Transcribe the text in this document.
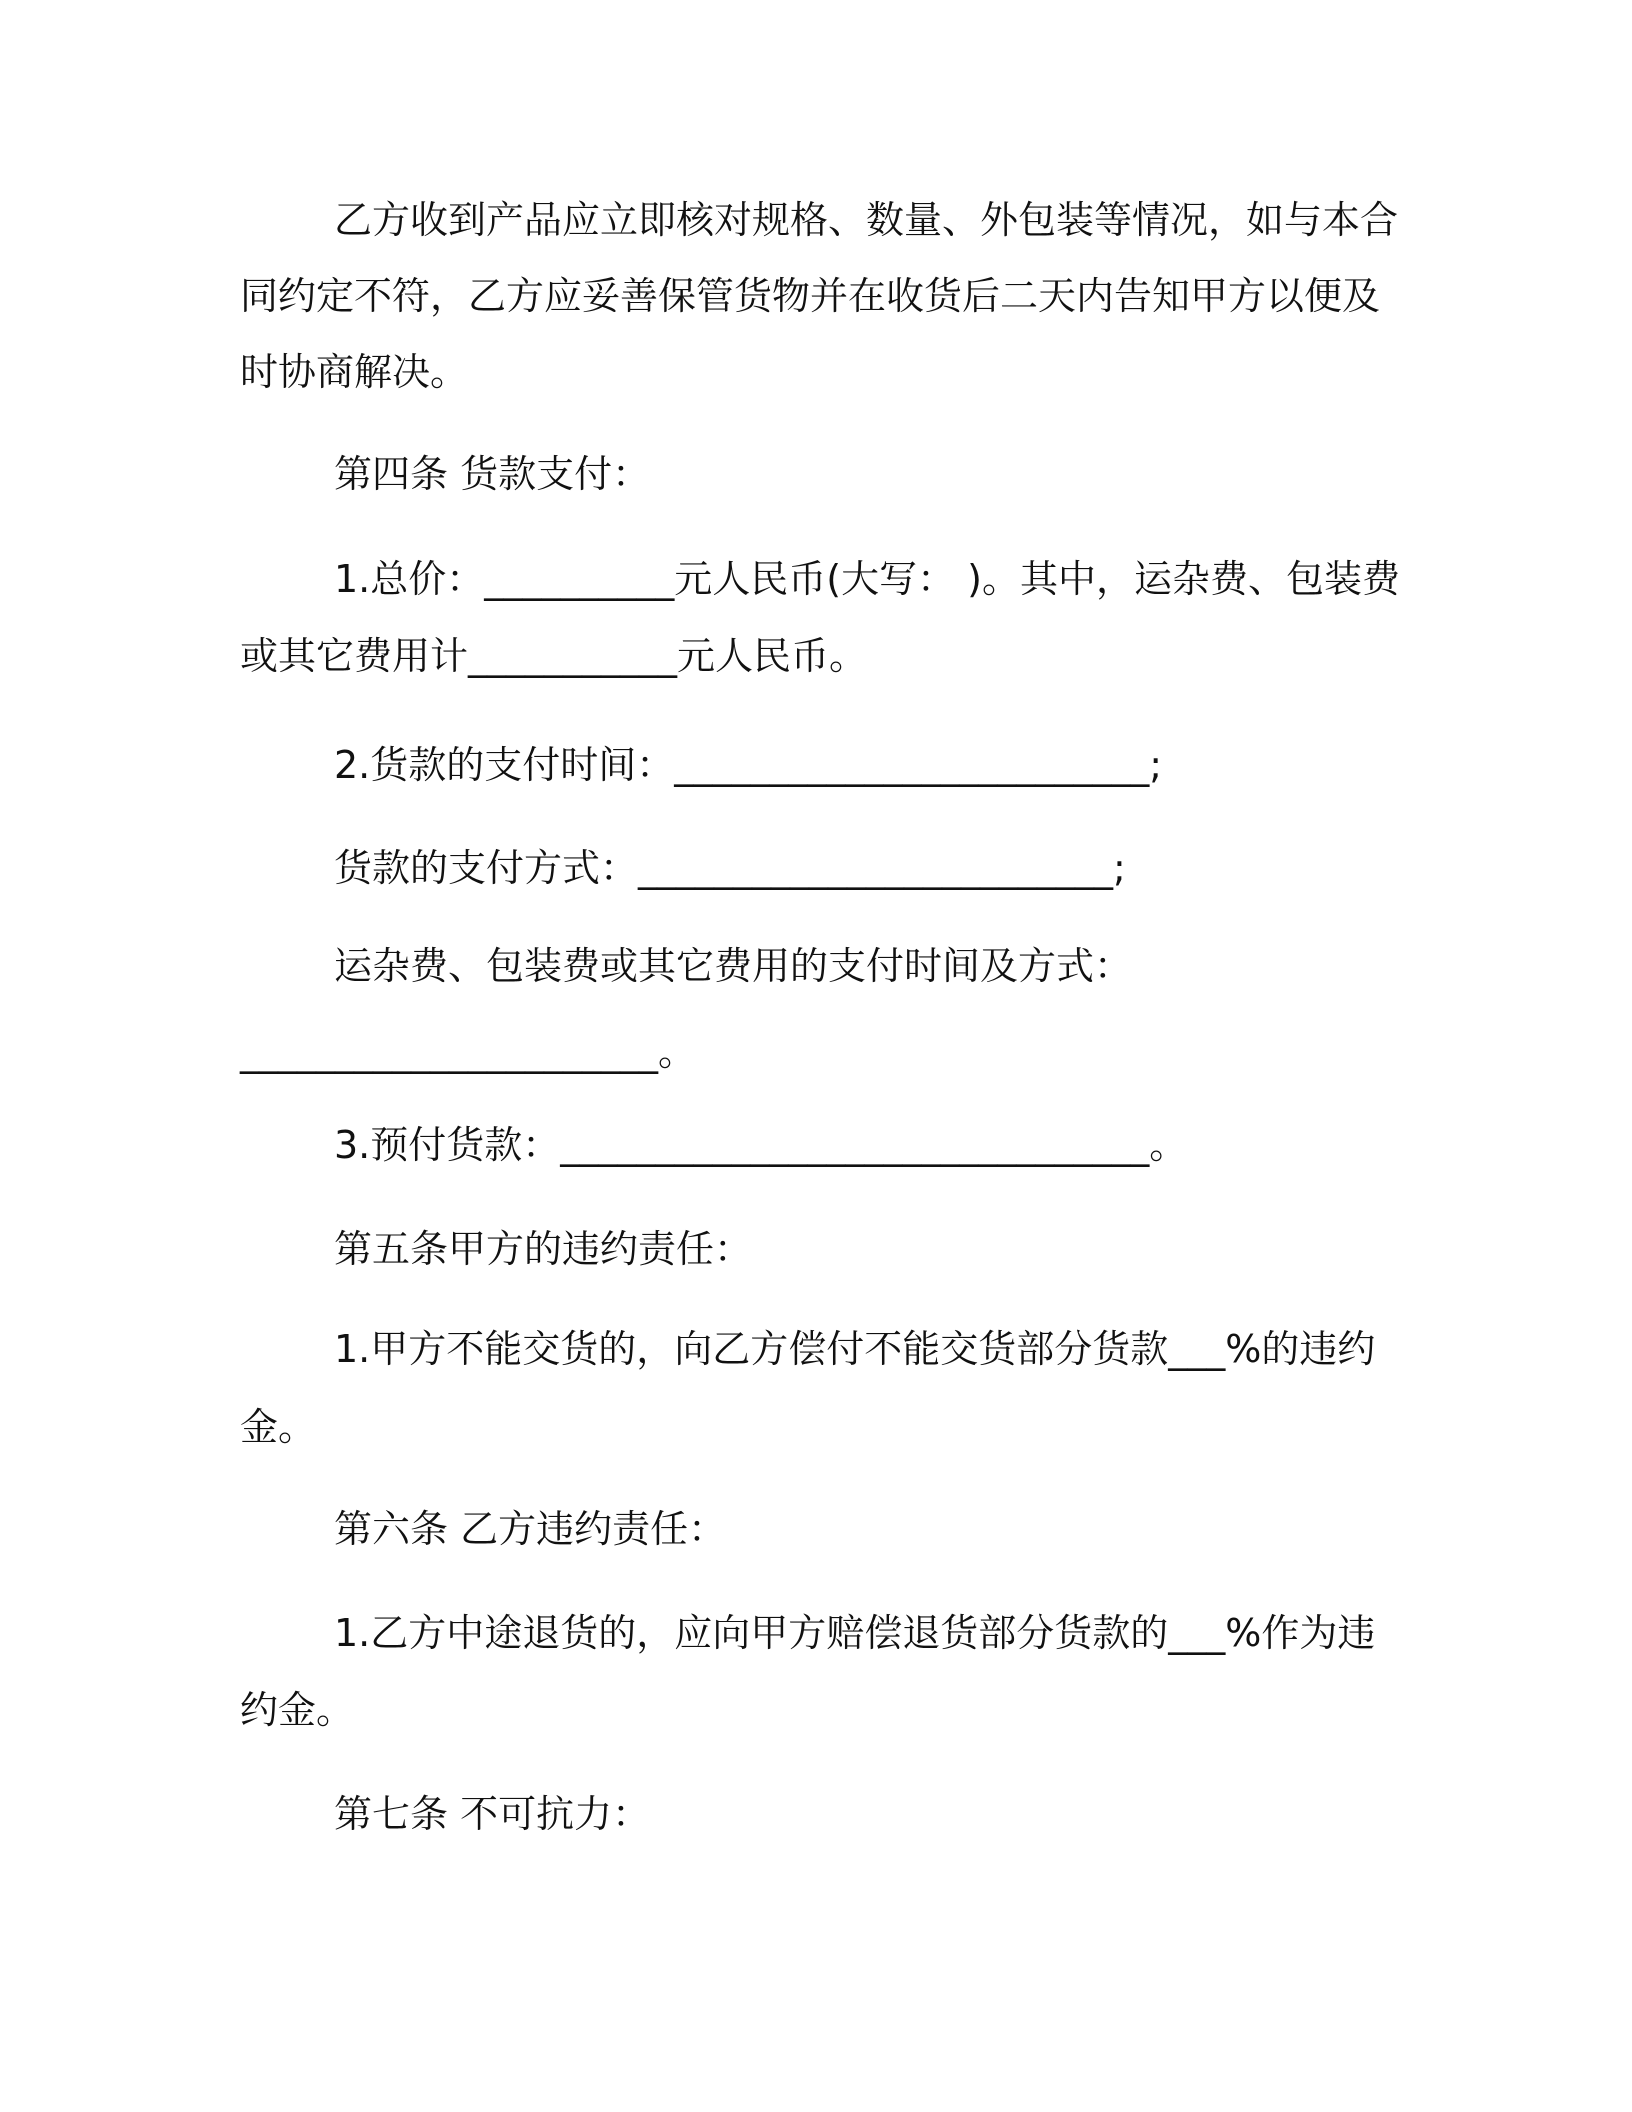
乙方收到产品应立即核对规格、数量、外包装等情况，如与本合
同约定不符，乙方应妥善保管货物并在收货后二天内告知甲方以便及
时协商解决。
第四条 货款支付：
1.总价：__________元人民币(大写： )。其中，运杂费、包装费
或其它费用计___________元人民币。
2.货款的支付时间：_________________________;
货款的支付方式：_________________________;
运杂费、包装费或其它费用的支付时间及方式：
______________________。
3.预付货款：_______________________________。
第五条甲方的违约责任：
1.甲方不能交货的，向乙方偿付不能交货部分货款___%的违约
金。
第六条 乙方违约责任：
1.乙方中途退货的，应向甲方赔偿退货部分货款的___%作为违
约金。
第七条 不可抗力：
